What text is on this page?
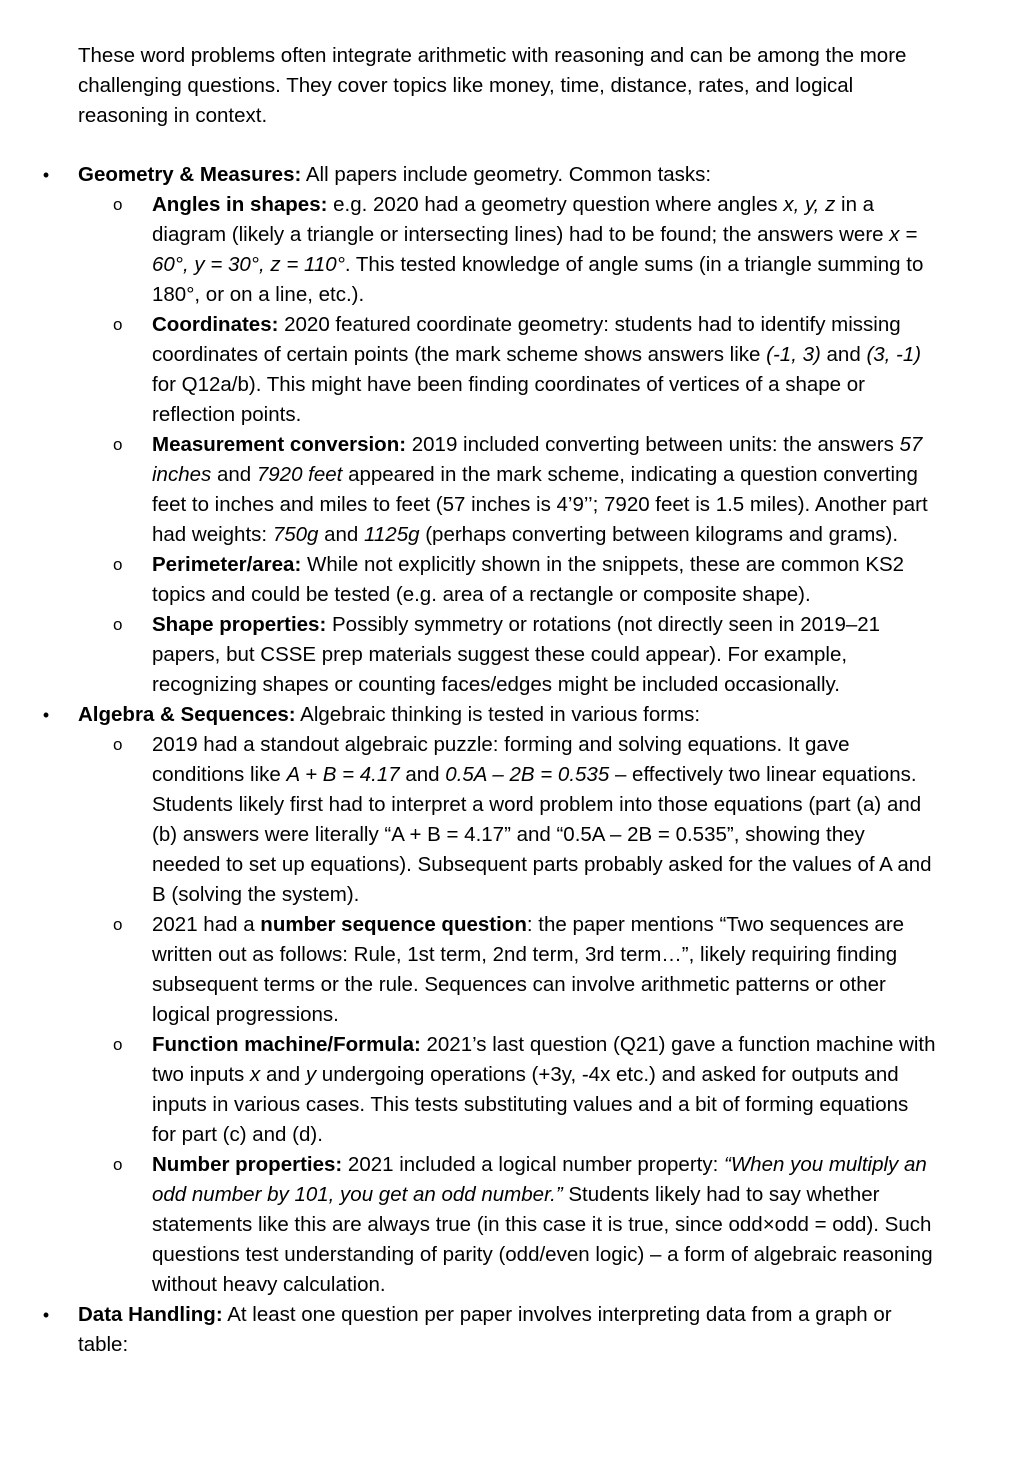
These word problems often integrate arithmetic with reasoning and can be among the more challenging questions. They cover topics like money, time, distance, rates, and logical reasoning in context.

• Geometry & Measures: All papers include geometry. Common tasks:
o Angles in shapes: e.g. 2020 had a geometry question where angles x, y, z in a diagram (likely a triangle or intersecting lines) had to be found; the answers were x = 60°, y = 30°, z = 110°. This tested knowledge of angle sums (in a triangle summing to 180°, or on a line, etc.).
o Coordinates: 2020 featured coordinate geometry: students had to identify missing coordinates of certain points (the mark scheme shows answers like (-1, 3) and (3, -1) for Q12a/b). This might have been finding coordinates of vertices of a shape or reflection points.
o Measurement conversion: 2019 included converting between units: the answers 57 inches and 7920 feet appeared in the mark scheme, indicating a question converting feet to inches and miles to feet (57 inches is 4’9’’; 7920 feet is 1.5 miles). Another part had weights: 750g and 1125g (perhaps converting between kilograms and grams).
o Perimeter/area: While not explicitly shown in the snippets, these are common KS2 topics and could be tested (e.g. area of a rectangle or composite shape).
o Shape properties: Possibly symmetry or rotations (not directly seen in 2019–21 papers, but CSSE prep materials suggest these could appear). For example, recognizing shapes or counting faces/edges might be included occasionally.
• Algebra & Sequences: Algebraic thinking is tested in various forms:
o 2019 had a standout algebraic puzzle: forming and solving equations. It gave conditions like A + B = 4.17 and 0.5A – 2B = 0.535 – effectively two linear equations. Students likely first had to interpret a word problem into those equations (part (a) and (b) answers were literally “A + B = 4.17” and “0.5A – 2B = 0.535”, showing they needed to set up equations). Subsequent parts probably asked for the values of A and B (solving the system).
o 2021 had a number sequence question: the paper mentions “Two sequences are written out as follows: Rule, 1st term, 2nd term, 3rd term…”, likely requiring finding subsequent terms or the rule. Sequences can involve arithmetic patterns or other logical progressions.
o Function machine/Formula: 2021’s last question (Q21) gave a function machine with two inputs x and y undergoing operations (+3y, -4x etc.) and asked for outputs and inputs in various cases. This tests substituting values and a bit of forming equations for part (c) and (d).
o Number properties: 2021 included a logical number property: “When you multiply an odd number by 101, you get an odd number.” Students likely had to say whether statements like this are always true (in this case it is true, since odd×odd = odd). Such questions test understanding of parity (odd/even logic) – a form of algebraic reasoning without heavy calculation.
• Data Handling: At least one question per paper involves interpreting data from a graph or table:
